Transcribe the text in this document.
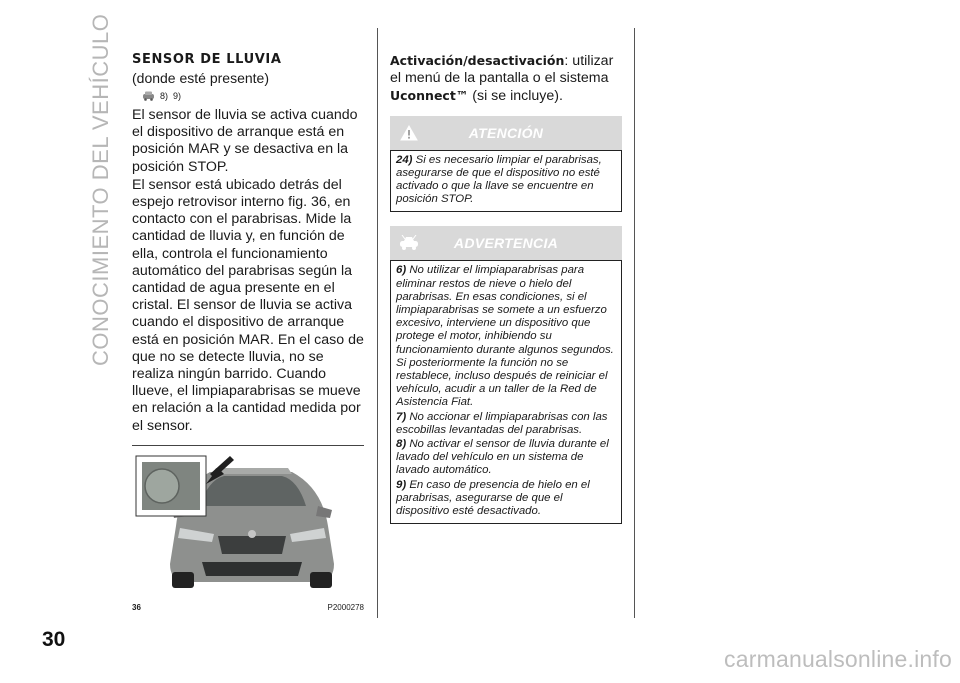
CONOCIMIENTO DEL VEHÍCULO SENSOR DE LLUVIA

(donde esté presente)

8) 9)

El sensor de lluvia se activa cuando el dispositivo de arranque está en posición MAR y se desactiva en la posición STOP.

El sensor está ubicado detrás del espejo retrovisor interno fig. 36, en contacto con el parabrisas. Mide la cantidad de lluvia y, en función de ella, controla el funcionamiento automático del parabrisas según la cantidad de agua presente en el cristal. El sensor de lluvia se activa cuando el dispositivo de arranque está en posición MAR. En el caso de que no se detecte lluvia, no se realiza ningún barrido. Cuando llueve, el limpiaparabrisas se mueve en relación a la cantidad medida por el sensor.

36	P2000278

Activación/desactivación: utilizar el menú de la pantalla o el sistema Uconnect™ (si se incluye).

ATENCIÓN

24) Si es necesario limpiar el parabrisas, asegurarse de que el dispositivo no esté activado o que la llave se encuentre en posición STOP.

ADVERTENCIA

6) No utilizar el limpiaparabrisas para eliminar restos de nieve o hielo del parabrisas. En esas condiciones, si el limpiaparabrisas se somete a un esfuerzo excesivo, interviene un dispositivo que protege el motor, inhibiendo su funcionamiento durante algunos segundos. Si posteriormente la función no se restablece, incluso después de reiniciar el vehículo, acudir a un taller de la Red de Asistencia Fiat.

7) No accionar el limpiaparabrisas con las escobillas levantadas del parabrisas.

8) No activar el sensor de lluvia durante el lavado del vehículo en un sistema de lavado automático.

9) En caso de presencia de hielo en el parabrisas, asegurarse de que el dispositivo esté desactivado.

30
carmanualsonline.info
